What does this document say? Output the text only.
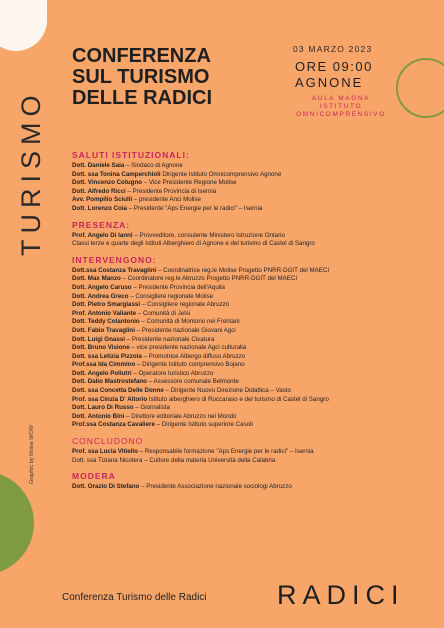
TURISMO
Graphic by Moise WOW
CONFERENZA
SUL TURISMO
DELLE RADICI
03 MARZO 2023
ORE 09:00
AGNONE
AULA MAGNA
ISTITUTO
OMNICOMPRENSIVO
SALUTI ISTITUZIONALI:
Dott. Daniele Saia – Sindaco di Agnone
Dott. ssa Tonina Camperchioli Dirigente Istituto Omnicomprensivo Agnone
Dott. Vincenzo Cotugno – Vice Presidente Regione Molise
Dott. Alfredo Ricci – Presidente Provincia di Isernia
Avv. Pompilio Sciulli – presidente Anci Molise
Dott. Lorenzo Coia – Presidente "Aps Energie per le radici" – Isernia
PRESENZA:
Prof. Angelo Di Ianni – Provveditore, consulente Ministero Istruzione Ontario
Classi terze e quarte degli Istituti Alberghiero di Agnone e del turismo di Castel di Sangro
INTERVENGONO:
Dott.ssa Costanza Travaglini – Coordinatrice reg.le Molise Progetto PNRR-DGIT del MAECI
Dott. Max Manzo – Coordinatore reg.le Abruzzo Progetto PNRR-DGIT del MAECI
Dott. Angelo Caruso – Presidente Provincia dell'Aquila
Dott. Andrea Greco – Consigliere regionale Molise
Dott. Pietro Smargiassi – Consigliere regionale Abruzzo
Prof. Antonio Valiante – Comunità di Jelsi
Dott. Teddy Colantonio – Comunità di Montorio nei Frentani
Dott. Fabio Travaglini – Presidente nazionale Giovani Agci
Dott. Luigi Gnassi – Presidente nazionale Civatura
Dott. Bruno Visione – vice presidente nazionale Agci culturalia
Dott. ssa Letizia Pizzola – Promotrice Albergo diffuso Abruzzo
Prof.ssa Ida Cimmino – Dirigente Istituto comprensivo Bojano
Dott. Angelo Pollutri – Operatore turistico Abruzzo
Dott. Dalio Mastrostefano – Assessore comunale Belmonte
Dott. ssa Concetta Delle Donne – Dirigente Nuovo Direzione Didattica – Vasto
Prof. ssa Cinzia D' Altorio Istituto alberghiero di Roccaraso e del turismo di Castel di Sangro
Dott. Lauro Di Russo – Giornalista
Dott. Antonio Bini – Direttore editoriale Abruzzo nel Mondo
Prof.ssa Costanza Cavaliere – Dirigente Istituto superiore Casoli
CONCLUDONO
Prof. ssa Lucia Vitiello – Responsabile formazione "Aps Energie per le radici" – Isernia
Dott. ssa Tiziana Nicotera – Cultore della materia Università della Calabria
MODERA
Dott. Orazio Di Stefano – Presidente Associazione nazionale sociologi Abruzzo
Conferenza Turismo delle Radici	RADICI
